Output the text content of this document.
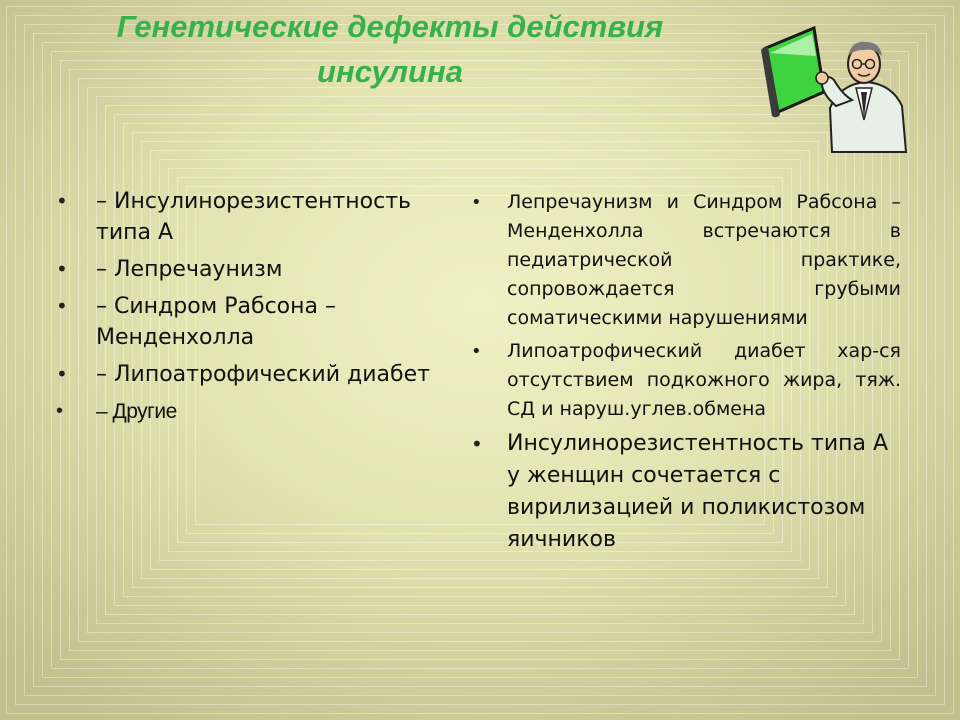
Генетические дефекты действия
инсулина
• – Инсулинорезистентность типа А
• – Лепречаунизм
• – Синдром Рабсона – Менденхолла
• – Липоатрофический диабет
• – Другие
• Лепречаунизм и Синдром Рабсона – Менденхолла встречаются в педиатрической практике, сопровождается грубыми соматическими нарушениями
• Липоатрофический диабет хар-ся отсутствием подкожного жира, тяж. СД и наруш.углев.обмена
• Инсулинорезистентность типа А у женщин сочетается с вирилизацией и поликистозом яичников
